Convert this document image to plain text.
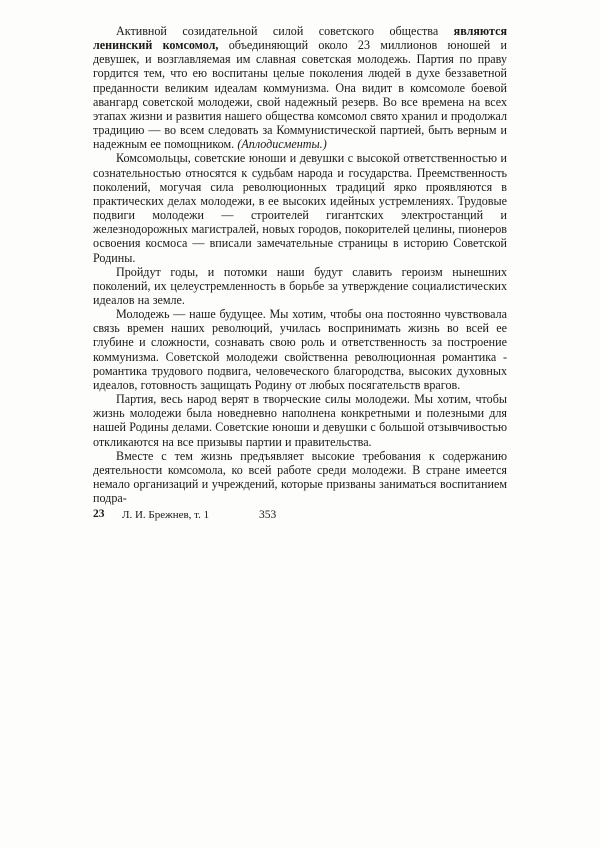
Активной созидательной силой советского общества являются ленинский комсомол, объединяющий около 23 миллионов юношей и девушек, и возглавляемая им славная советская молодежь. Партия по праву гордится тем, что ею воспитаны целые поколения людей в духе беззаветной преданности великим идеалам коммунизма. Она видит в комсомоле боевой авангард советской молодежи, свой надежный резерв. Во все времена на всех этапах жизни и развития нашего общества комсомол свято хранил и продолжал традицию — во всем следовать за Коммунистической партией, быть верным и надежным ее помощником. (Аплодисменты.)

Комсомольцы, советские юноши и девушки с высокой ответственностью и сознательностью относятся к судьбам народа и государства. Преемственность поколений, могучая сила революционных традиций ярко проявляются в практических делах молодежи, в ее высоких идейных устремлениях. Трудовые подвиги молодежи — строителей гигантских электростанций и железнодорожных магистралей, новых городов, покорителей целины, пионеров освоения космоса — вписали замечательные страницы в историю Советской Родины.

Пройдут годы, и потомки наши будут славить героизм нынешних поколений, их целеустремленность в борьбе за утверждение социалистических идеалов на земле.

Молодежь — наше будущее. Мы хотим, чтобы она постоянно чувствовала связь времен наших революций, училась воспринимать жизнь во всей ее глубине и сложности, сознавать свою роль и ответственность за построение коммунизма. Советской молодежи свойственна революционная романтика - романтика трудового подвига, человеческого благородства, высоких духовных идеалов, готовность защищать Родину от любых посягательств врагов.

Партия, весь народ верят в творческие силы молодежи. Мы хотим, чтобы жизнь молодежи была новедневно наполнена конкретными и полезными для нашей Родины делами. Советские юноши и девушки с большой отзывчивостью откликаются на все призывы партии и правительства.

Вместе с тем жизнь предъявляет высокие требования к содержанию деятельности комсомола, ко всей работе среди молодежи. В стране имеется немало организаций и учреждений, которые призваны заниматься воспитанием подра-

23 Л. И. Брежнев, т. 1	353
